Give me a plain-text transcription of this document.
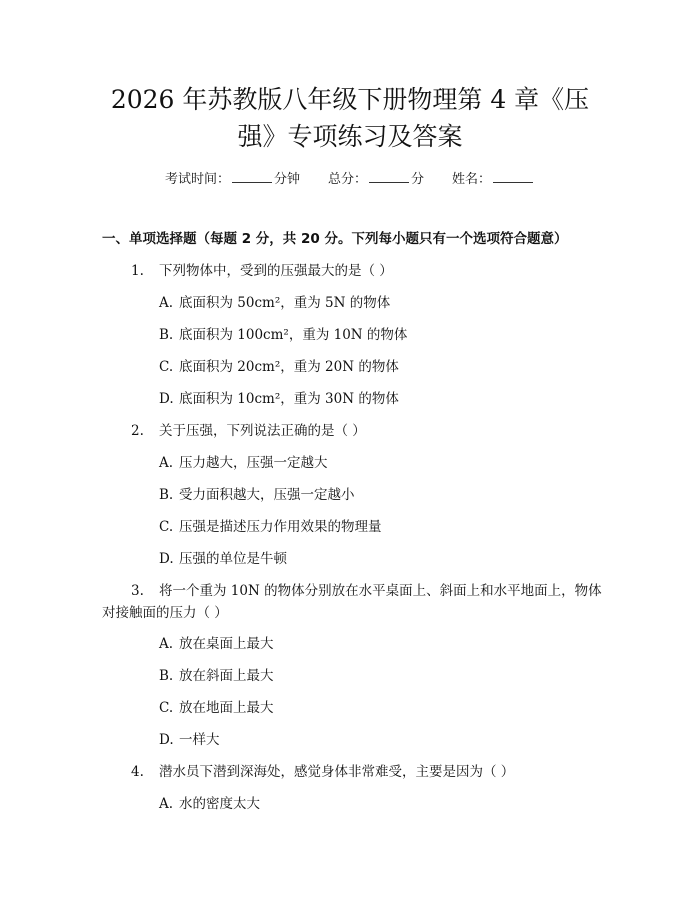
2026 年苏教版八年级下册物理第 4 章《压
强》专项练习及答案
考试时间：	分钟 总分：	分 姓名：
一、单项选择题（每题 2 分，共 20 分。下列每小题只有一个选项符合题意）
1. 下列物体中，受到的压强最大的是（ ）
A. 底面积为 50cm²，重为 5N 的物体
B. 底面积为 100cm²，重为 10N 的物体
C. 底面积为 20cm²，重为 20N 的物体
D. 底面积为 10cm²，重为 30N 的物体
2. 关于压强，下列说法正确的是（ ）
A. 压力越大，压强一定越大
B. 受力面积越大，压强一定越小
C. 压强是描述压力作用效果的物理量
D. 压强的单位是牛顿
3. 将一个重为 10N 的物体分别放在水平桌面上、斜面上和水平地面上，物体
对接触面的压力（ ）
A. 放在桌面上最大
B. 放在斜面上最大
C. 放在地面上最大
D. 一样大
4. 潜水员下潜到深海处，感觉身体非常难受，主要是因为（ ）
A. 水的密度太大
